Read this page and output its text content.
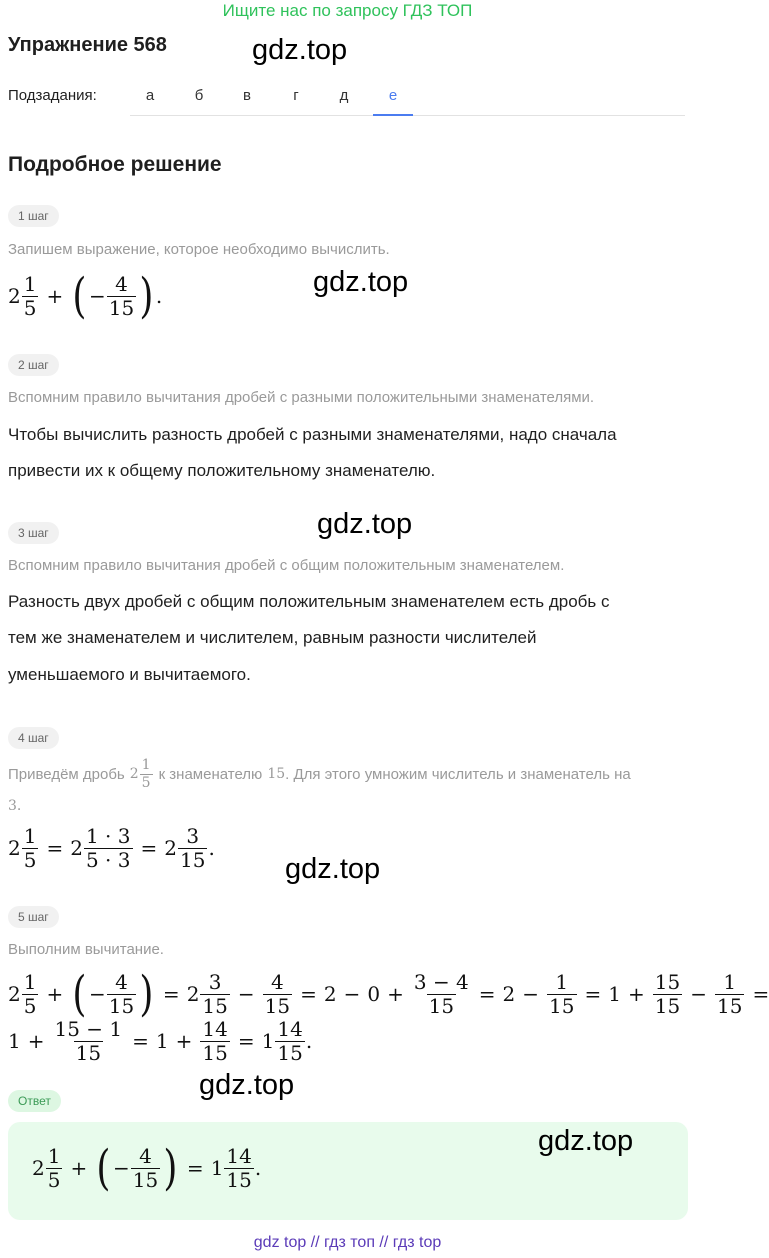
Ищите нас по запросу ГДЗ ТОП
Упражнение 568	gdz.top
Подзадания:	а	б	в	г	д	е
Подробное решение
1 шаг
Запишем выражение, которое необходимо вычислить.
$2 \frac{1}{5}$ + ( − $\frac{4}{15}$ ) .	gdz.top
2 шаг
Вспомним правило вычитания дробей с разными положительными знаменателями.
Чтобы вычислить разность дробей с разными знаменателями, надо сначала
привести их к общему положительному знаменателю.
gdz.top
3 шаг
Вспомним правило вычитания дробей с общим положительным знаменателем.
Разность двух дробей с общим положительным знаменателем есть дробь с
тем же знаменателем и числителем, равным разности числителей
уменьшаемого и вычитаемого.
4 шаг
Приведём дробь $2 \frac{1}{5}$ к знаменателю 15 . Для этого умножим числитель и знаменатель на
3.
$2 \frac{1}{5} = 2 \frac{1 \cdot 3}{5 \cdot 3} = 2 \frac{3}{15}$ .
gdz.top
5 шаг
Выполним вычитание.
$2 \frac{1}{5}$ + ( − $\frac{4}{15}$ ) = $2 \frac{3}{15} - \frac{4}{15} = 2 - 0 + \frac{3 - 4}{15} = 2 - \frac{1}{15} = 1 + \frac{15}{15} - \frac{1}{15}$ =
$1 + \frac{15 - 1}{15} = 1 + \frac{14}{15} = 1 \frac{14}{15}$ .
gdz.top
Ответ
$2 \frac{1}{5}$ + ( − $\frac{4}{15}$ ) = $1 \frac{14}{15}$ .
gdz.top
gdz top // гдз топ // гдз top
